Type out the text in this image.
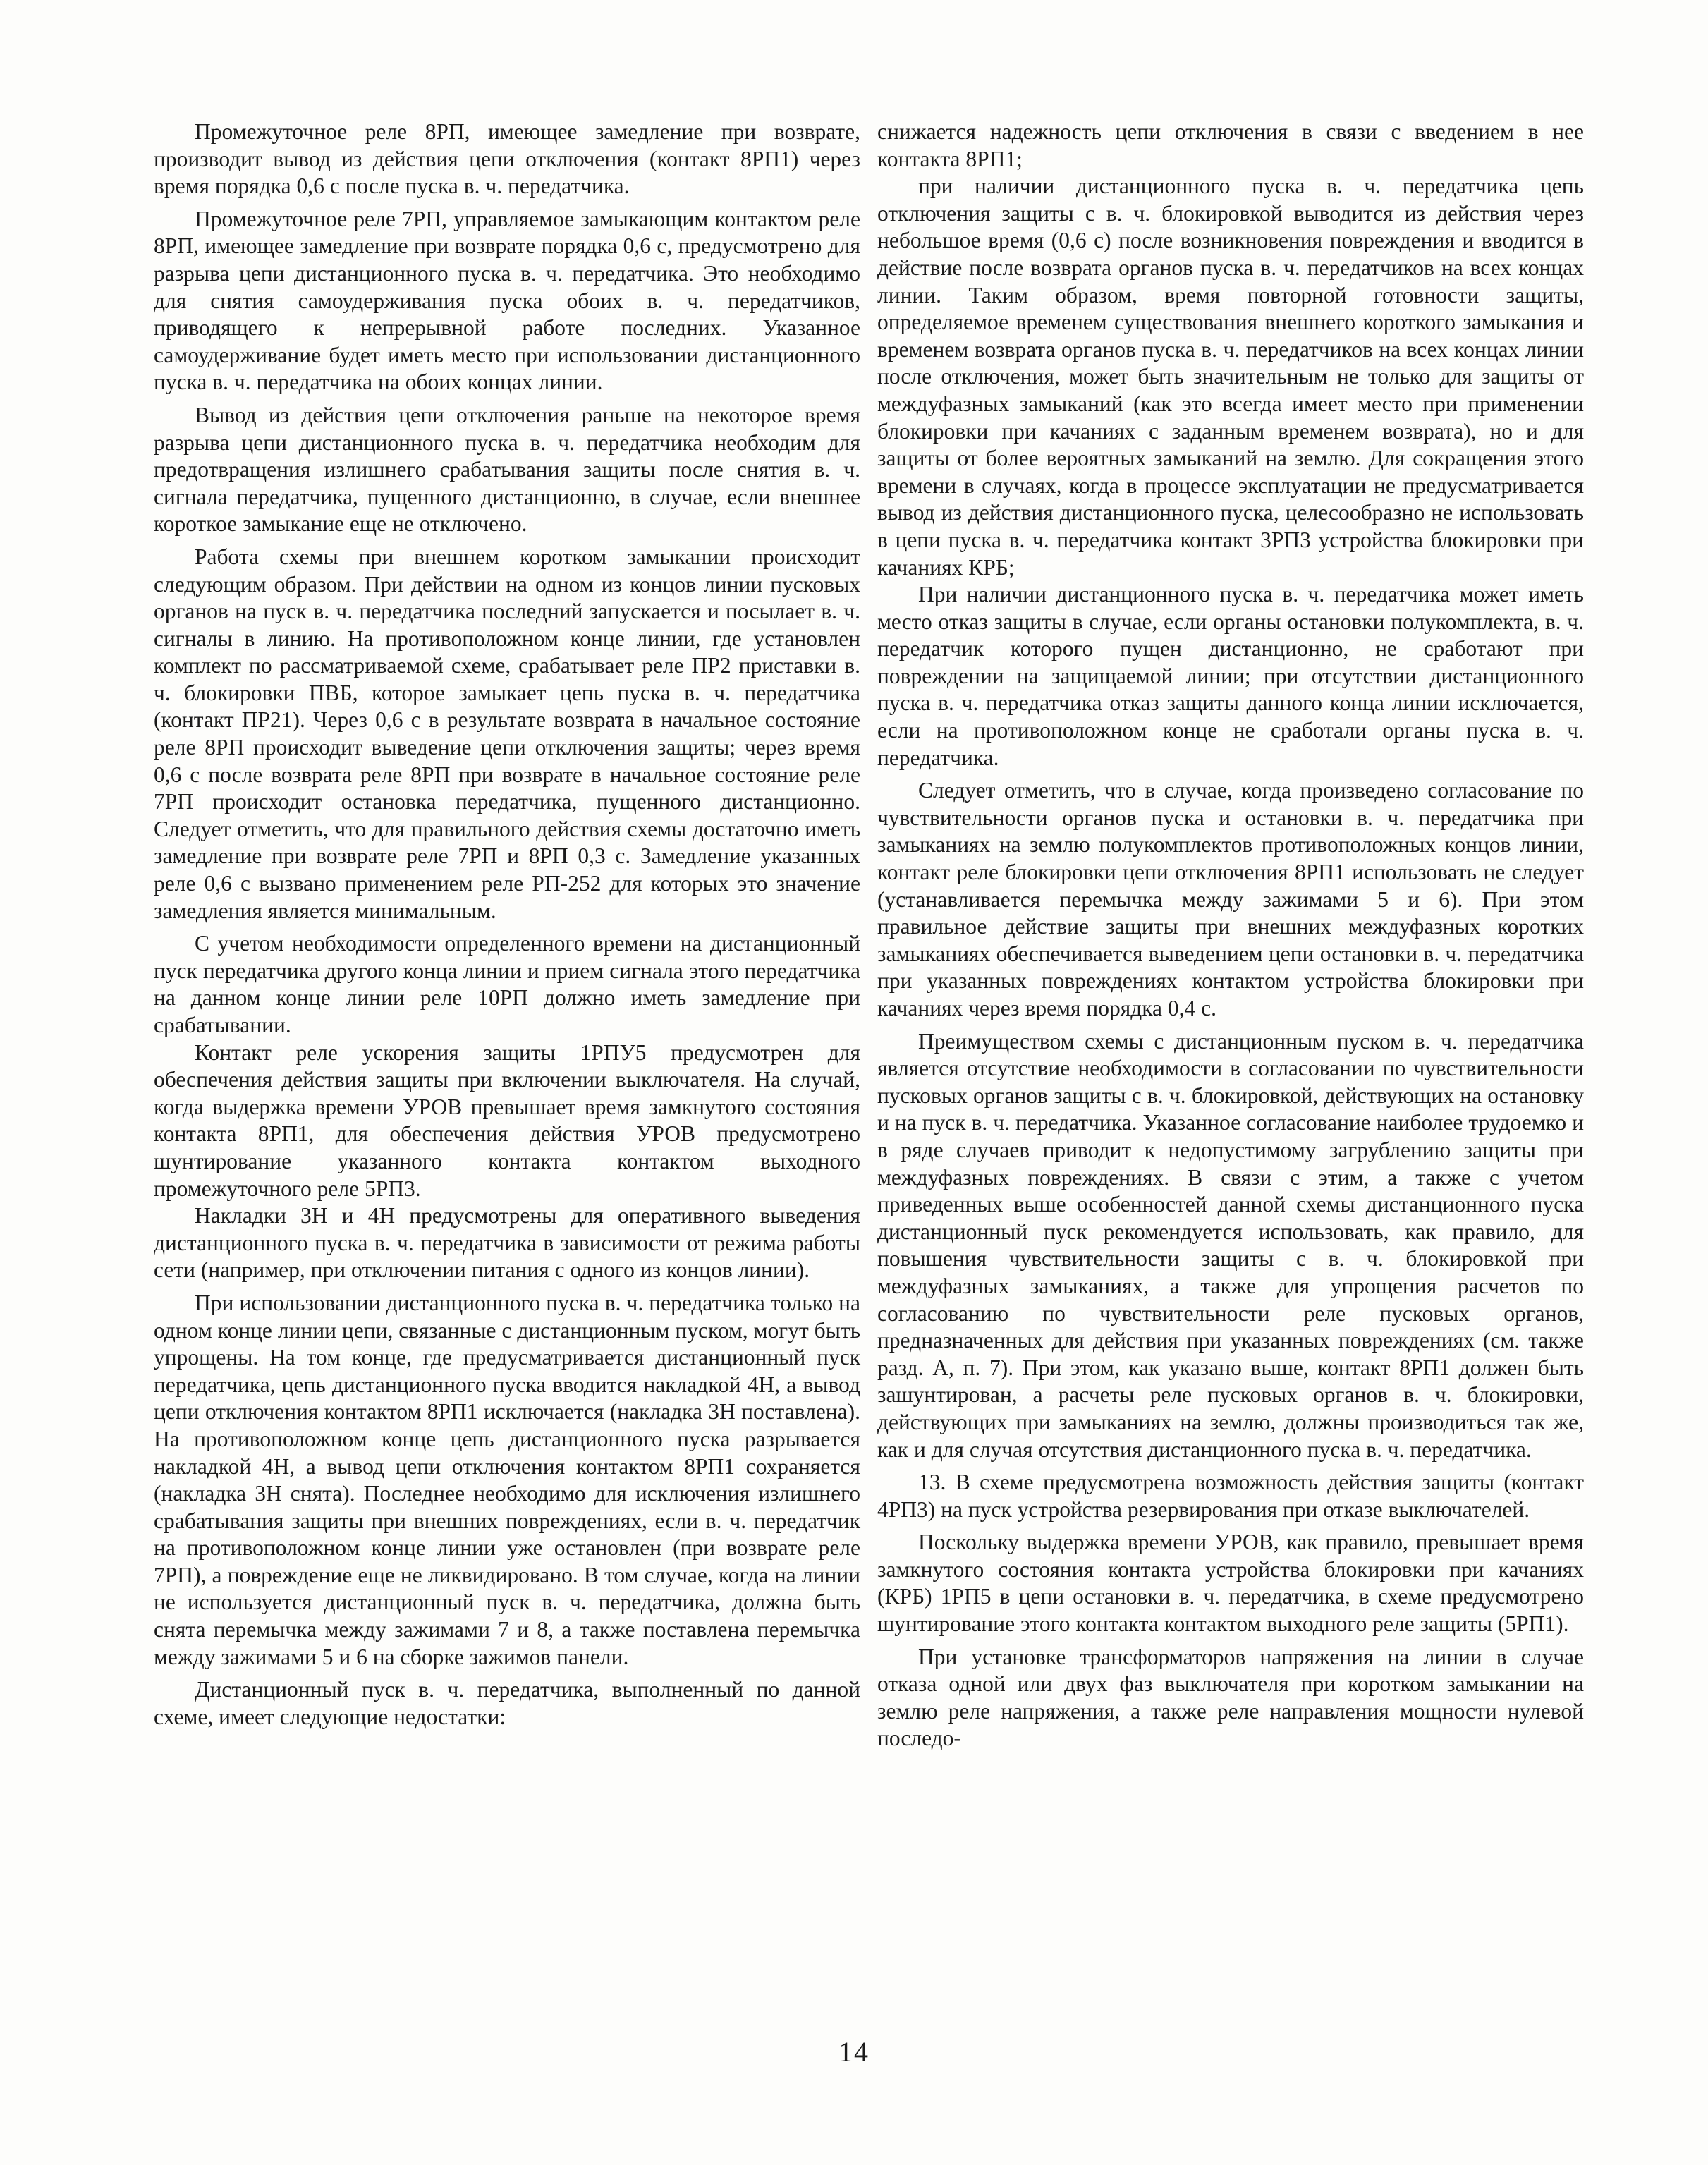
Промежуточное реле 8РП, имеющее замедление при возврате, производит вывод из действия цепи отключения (контакт 8РП1) через время порядка 0,6 с после пуска в. ч. передатчика.

Промежуточное реле 7РП, управляемое замыкающим контактом реле 8РП, имеющее замедление при возврате порядка 0,6 с, предусмотрено для разрыва цепи дистанционного пуска в. ч. передатчика. Это необходимо для снятия самоудерживания пуска обоих в. ч. передатчиков, приводящего к непрерывной работе последних. Указанное самоудерживание будет иметь место при использовании дистанционного пуска в. ч. передатчика на обоих концах линии.

Вывод из действия цепи отключения раньше на некоторое время разрыва цепи дистанционного пуска в. ч. передатчика необходим для предотвращения излишнего срабатывания защиты после снятия в. ч. сигнала передатчика, пущенного дистанционно, в случае, если внешнее короткое замыкание еще не отключено.

Работа схемы при внешнем коротком замыкании происходит следующим образом. При действии на одном из концов линии пусковых органов на пуск в. ч. передатчика последний запускается и посылает в. ч. сигналы в линию. На противоположном конце линии, где установлен комплект по рассматриваемой схеме, срабатывает реле ПР2 приставки в. ч. блокировки ПВБ, которое замыкает цепь пуска в. ч. передатчика (контакт ПР21). Через 0,6 с в результате возврата в начальное состояние реле 8РП происходит выведение цепи отключения защиты; через время 0,6 с после возврата реле 8РП при возврате в начальное состояние реле 7РП происходит остановка передатчика, пущенного дистанционно. Следует отметить, что для правильного действия схемы достаточно иметь замедление при возврате реле 7РП и 8РП 0,3 с. Замедление указанных реле 0,6 с вызвано применением реле РП-252 для которых это значение замедления является минимальным.

С учетом необходимости определенного времени на дистанционный пуск передатчика другого конца линии и прием сигнала этого передатчика на данном конце линии реле 10РП должно иметь замедление при срабатывании.

Контакт реле ускорения защиты 1РПУ5 предусмотрен для обеспечения действия защиты при включении выключателя. На случай, когда выдержка времени УРОВ превышает время замкнутого состояния контакта 8РП1, для обеспечения действия УРОВ предусмотрено шунтирование указанного контакта контактом выходного промежуточного реле 5РП3.

Накладки 3Н и 4Н предусмотрены для оперативного выведения дистанционного пуска в. ч. передатчика в зависимости от режима работы сети (например, при отключении питания с одного из концов линии).

При использовании дистанционного пуска в. ч. передатчика только на одном конце линии цепи, связанные с дистанционным пуском, могут быть упрощены. На том конце, где предусматривается дистанционный пуск передатчика, цепь дистанционного пуска вводится накладкой 4Н, а вывод цепи отключения контактом 8РП1 исключается (накладка 3Н поставлена). На противоположном конце цепь дистанционного пуска разрывается накладкой 4Н, а вывод цепи отключения контактом 8РП1 сохраняется (накладка 3Н снята). Последнее необходимо для исключения излишнего срабатывания защиты при внешних повреждениях, если в. ч. передатчик на противоположном конце линии уже остановлен (при возврате реле 7РП), а повреждение еще не ликвидировано. В том случае, когда на линии не используется дистанционный пуск в. ч. передатчика, должна быть снята перемычка между зажимами 7 и 8, а также поставлена перемычка между зажимами 5 и 6 на сборке зажимов панели.

Дистанционный пуск в. ч. передатчика, выполненный по данной схеме, имеет следующие недостатки:

снижается надежность цепи отключения в связи с введением в нее контакта 8РП1;

при наличии дистанционного пуска в. ч. передатчика цепь отключения защиты с в. ч. блокировкой выводится из действия через небольшое время (0,6 с) после возникновения повреждения и вводится в действие после возврата органов пуска в. ч. передатчиков на всех концах линии. Таким образом, время повторной готовности защиты, определяемое временем существования внешнего короткого замыкания и временем возврата органов пуска в. ч. передатчиков на всех концах линии после отключения, может быть значительным не только для защиты от междуфазных замыканий (как это всегда имеет место при применении блокировки при качаниях с заданным временем возврата), но и для защиты от более вероятных замыканий на землю. Для сокращения этого времени в случаях, когда в процессе эксплуатации не предусматривается вывод из действия дистанционного пуска, целесообразно не использовать в цепи пуска в. ч. передатчика контакт 3РП3 устройства блокировки при качаниях КРБ;

При наличии дистанционного пуска в. ч. передатчика может иметь место отказ защиты в случае, если органы остановки полукомплекта, в. ч. передатчик которого пущен дистанционно, не сработают при повреждении на защищаемой линии; при отсутствии дистанционного пуска в. ч. передатчика отказ защиты данного конца линии исключается, если на противоположном конце не сработали органы пуска в. ч. передатчика.

Следует отметить, что в случае, когда произведено согласование по чувствительности органов пуска и остановки в. ч. передатчика при замыканиях на землю полукомплектов противоположных концов линии, контакт реле блокировки цепи отключения 8РП1 использовать не следует (устанавливается перемычка между зажимами 5 и 6). При этом правильное действие защиты при внешних междуфазных коротких замыканиях обеспечивается выведением цепи остановки в. ч. передатчика при указанных повреждениях контактом устройства блокировки при качаниях через время порядка 0,4 с.

Преимуществом схемы с дистанционным пуском в. ч. передатчика является отсутствие необходимости в согласовании по чувствительности пусковых органов защиты с в. ч. блокировкой, действующих на остановку и на пуск в. ч. передатчика. Указанное согласование наиболее трудоемко и в ряде случаев приводит к недопустимому загрублению защиты при междуфазных повреждениях. В связи с этим, а также с учетом приведенных выше особенностей данной схемы дистанционного пуска дистанционный пуск рекомендуется использовать, как правило, для повышения чувствительности защиты с в. ч. блокировкой при междуфазных замыканиях, а также для упрощения расчетов по согласованию по чувствительности реле пусковых органов, предназначенных для действия при указанных повреждениях (см. также разд. А, п. 7). При этом, как указано выше, контакт 8РП1 должен быть зашунтирован, а расчеты реле пусковых органов в. ч. блокировки, действующих при замыканиях на землю, должны производиться так же, как и для случая отсутствия дистанционного пуска в. ч. передатчика.

13. В схеме предусмотрена возможность действия защиты (контакт 4РП3) на пуск устройства резервирования при отказе выключателей.

Поскольку выдержка времени УРОВ, как правило, превышает время замкнутого состояния контакта устройства блокировки при качаниях (КРБ) 1РП5 в цепи остановки в. ч. передатчика, в схеме предусмотрено шунтирование этого контакта контактом выходного реле защиты (5РП1).

При установке трансформаторов напряжения на линии в случае отказа одной или двух фаз выключателя при коротком замыкании на землю реле напряжения, а также реле направления мощности нулевой последо-

14
